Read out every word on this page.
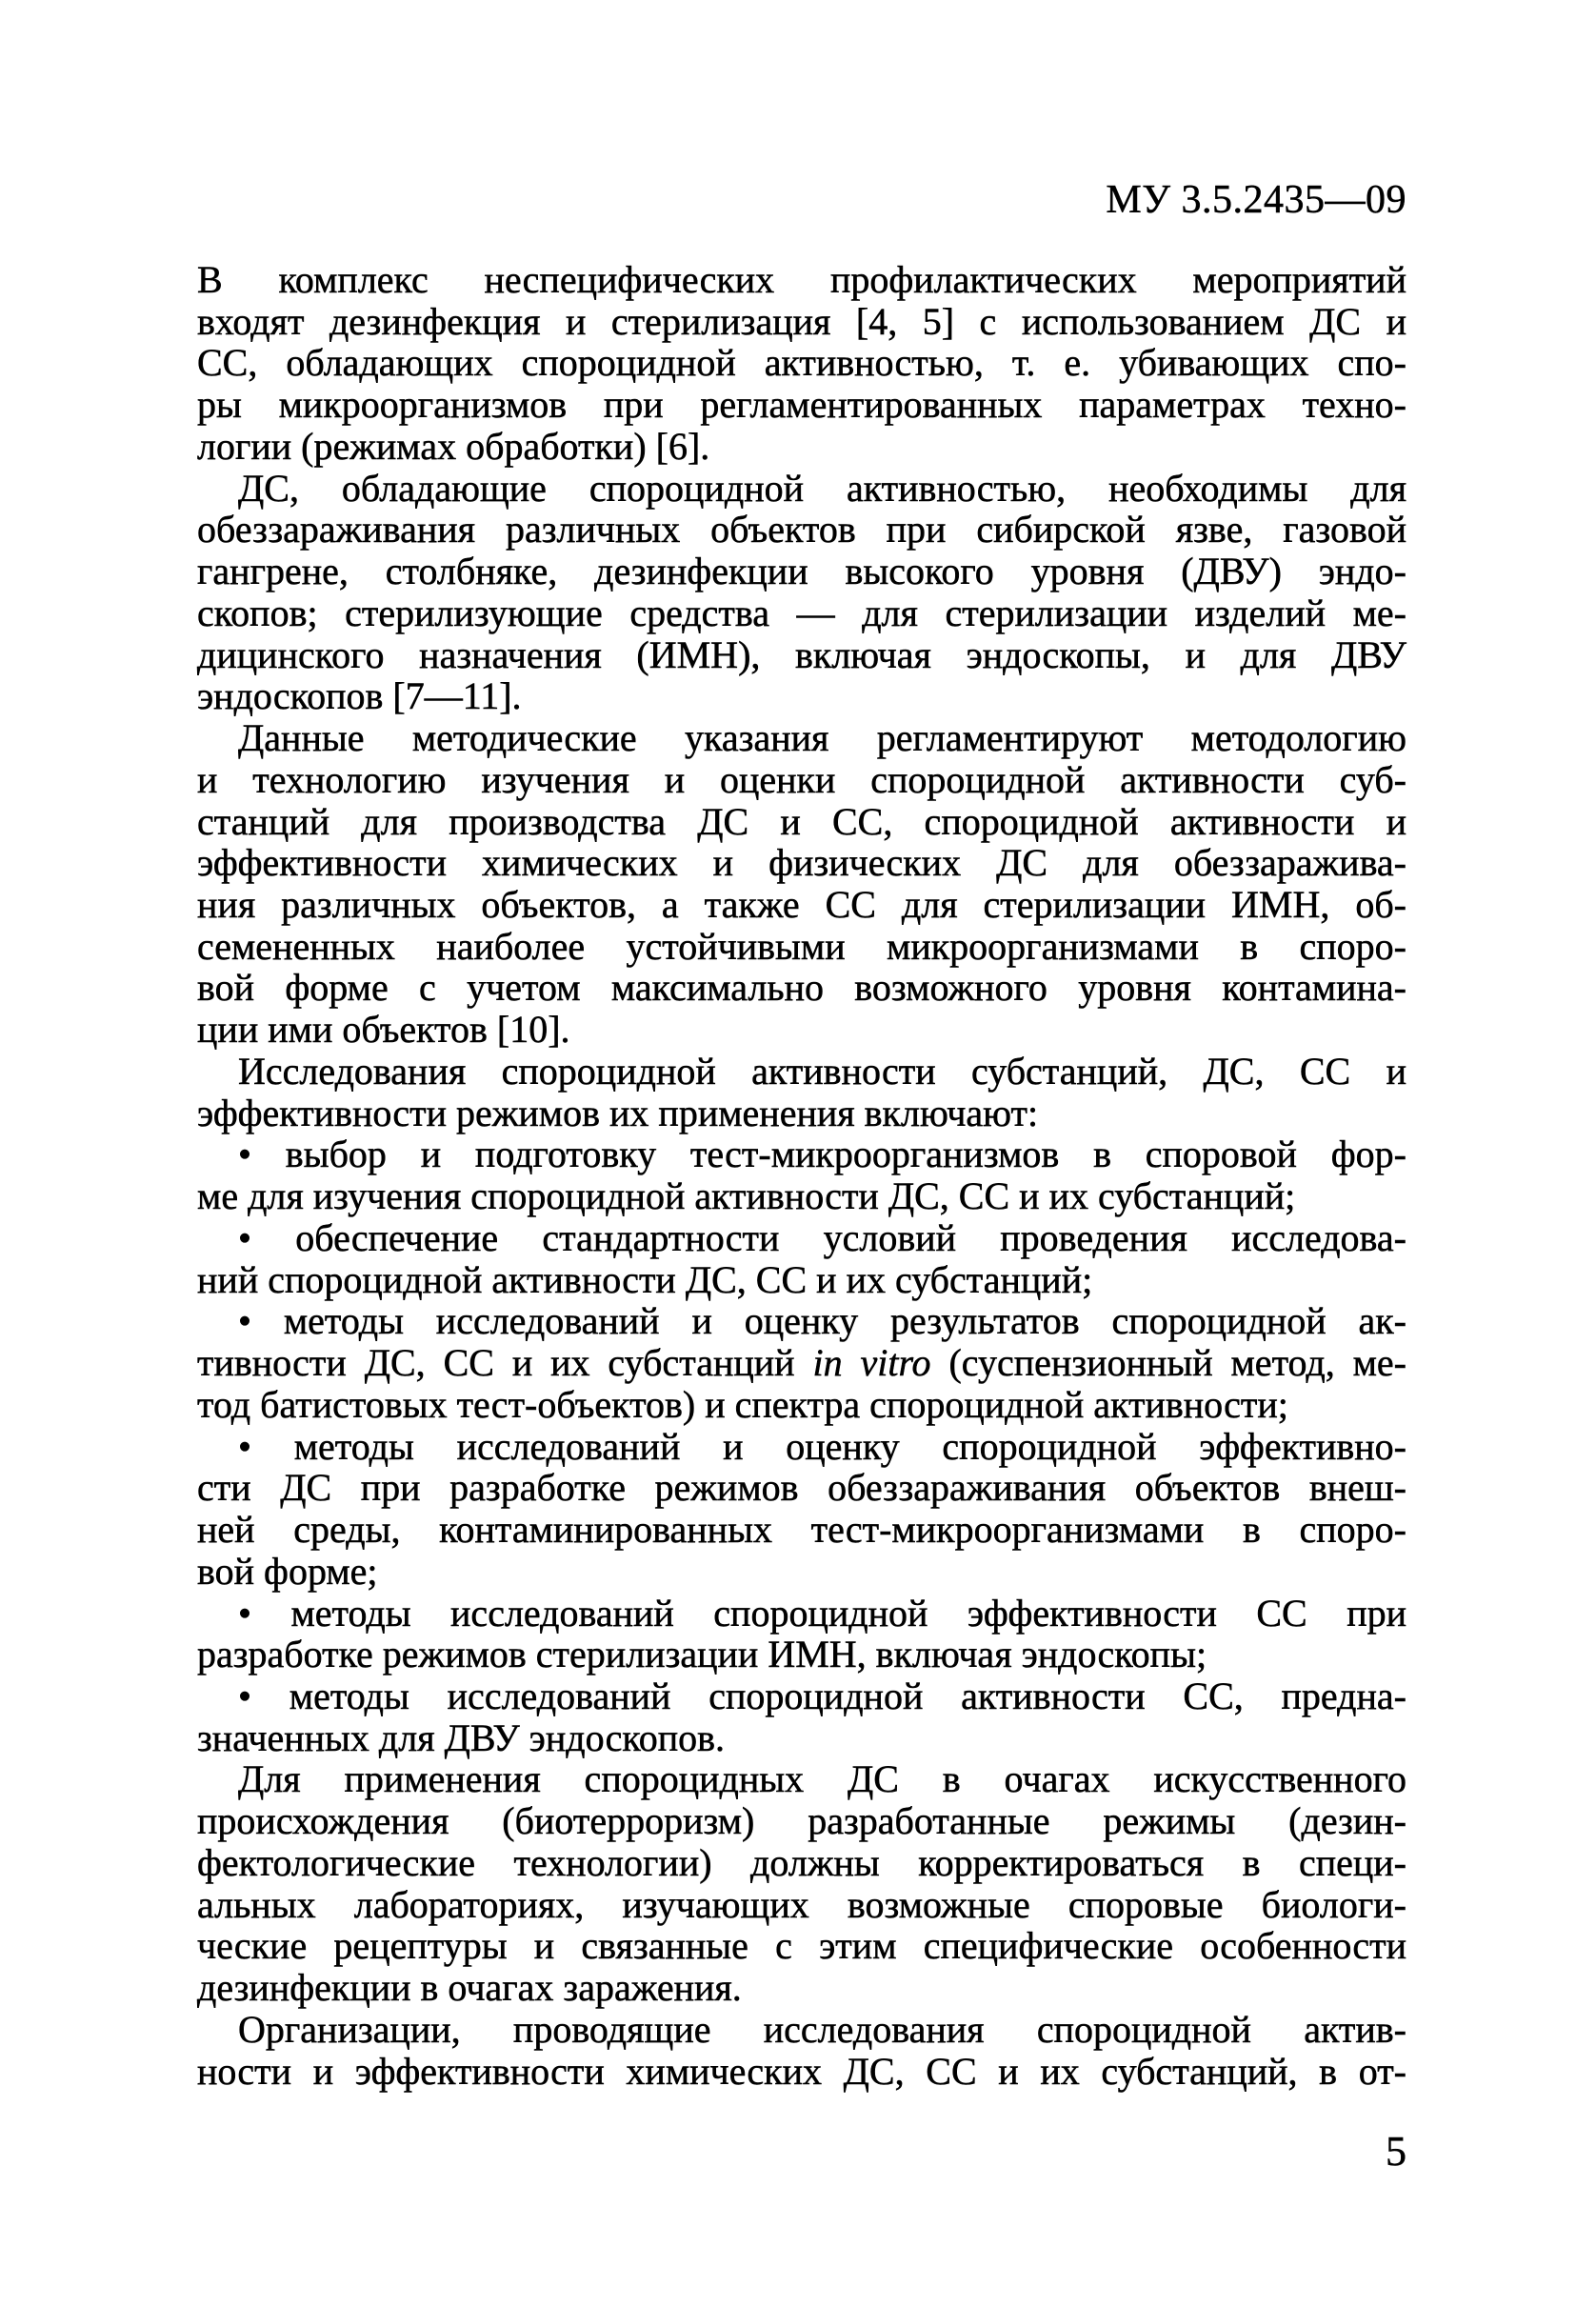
МУ 3.5.2435—09
В комплекс неспецифических профилактических мероприятий
входят дезинфекция и стерилизация [4, 5] с использованием ДС и
СС, обладающих спороцидной активностью, т. е. убивающих спо-
ры микроорганизмов при регламентированных параметрах техно-
логии (режимах обработки) [6].
ДС, обладающие спороцидной активностью, необходимы для
обеззараживания различных объектов при сибирской язве, газовой
гангрене, столбняке, дезинфекции высокого уровня (ДВУ) эндо-
скопов; стерилизующие средства — для стерилизации изделий ме-
дицинского назначения (ИМН), включая эндоскопы, и для ДВУ
эндоскопов [7—11].
Данные методические указания регламентируют методологию
и технологию изучения и оценки спороцидной активности суб-
станций для производства ДС и СС, спороцидной активности и
эффективности химических и физических ДС для обеззаражива-
ния различных объектов, а также СС для стерилизации ИМН, об-
семененных наиболее устойчивыми микроорганизмами в споро-
вой форме с учетом максимально возможного уровня контамина-
ции ими объектов [10].
Исследования спороцидной активности субстанций, ДС, СС и
эффективности режимов их применения включают:
• выбор и подготовку тест-микроорганизмов в споровой фор-
ме для изучения спороцидной активности ДС, СС и их субстанций;
• обеспечение стандартности условий проведения исследова-
ний спороцидной активности ДС, СС и их субстанций;
• методы исследований и оценку результатов спороцидной ак-
тивности ДС, СС и их субстанций in vitro (суспензионный метод, ме-
тод батистовых тест-объектов) и спектра спороцидной активности;
• методы исследований и оценку спороцидной эффективно-
сти ДС при разработке режимов обеззараживания объектов внеш-
ней среды, контаминированных тест-микроорганизмами в споро-
вой форме;
• методы исследований спороцидной эффективности СС при
разработке режимов стерилизации ИМН, включая эндоскопы;
• методы исследований спороцидной активности СС, предна-
значенных для ДВУ эндоскопов.
Для применения спороцидных ДС в очагах искусственного
происхождения (биотерроризм) разработанные режимы (дезин-
фектологические технологии) должны корректироваться в специ-
альных лабораториях, изучающих возможные споровые биологи-
ческие рецептуры и связанные с этим специфические особенности
дезинфекции в очагах заражения.
Организации, проводящие исследования спороцидной актив-
ности и эффективности химических ДС, СС и их субстанций, в от-
5
